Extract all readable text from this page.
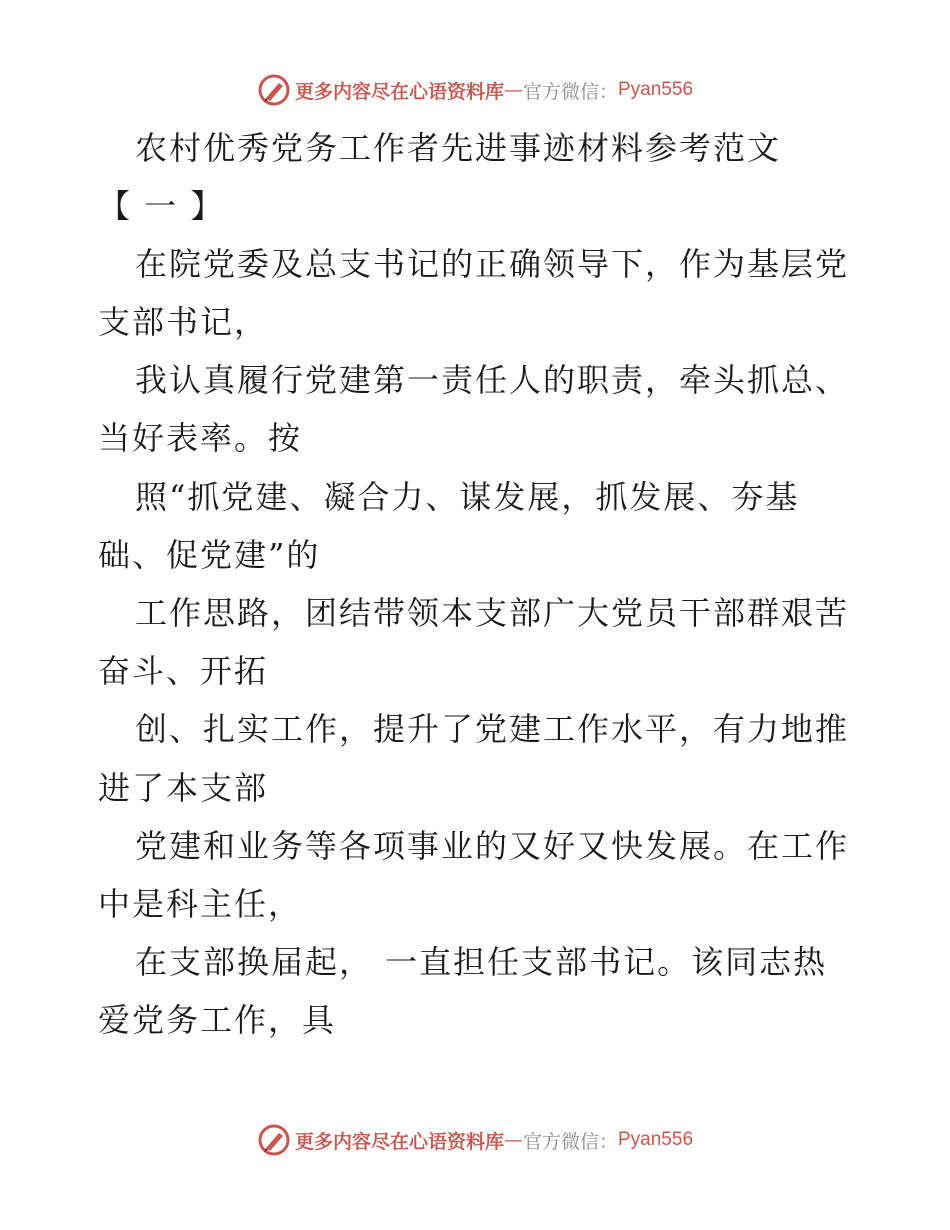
更多内容尽在心语资料库 — 官方微信： Pyan556
农村优秀党务工作者先进事迹材料参考范文
【 一 】
在院党委及总支书记的正确领导下，作为基层党
支部书记，
我认真履行党建第一责任人的职责，牵头抓总、
当好表率。按
照“抓党建、凝合力、谋发展，抓发展、夯基
础、促党建”的
工作思路，团结带领本支部广大党员干部群艰苦
奋斗、开拓
创、扎实工作，提升了党建工作水平，有力地推
进了本支部
党建和业务等各项事业的又好又快发展。在工作
中是科主任，
在支部换届起， 一直担任支部书记。该同志热
爱党务工作，具
更多内容尽在心语资料库 — 官方微信： Pyan556
